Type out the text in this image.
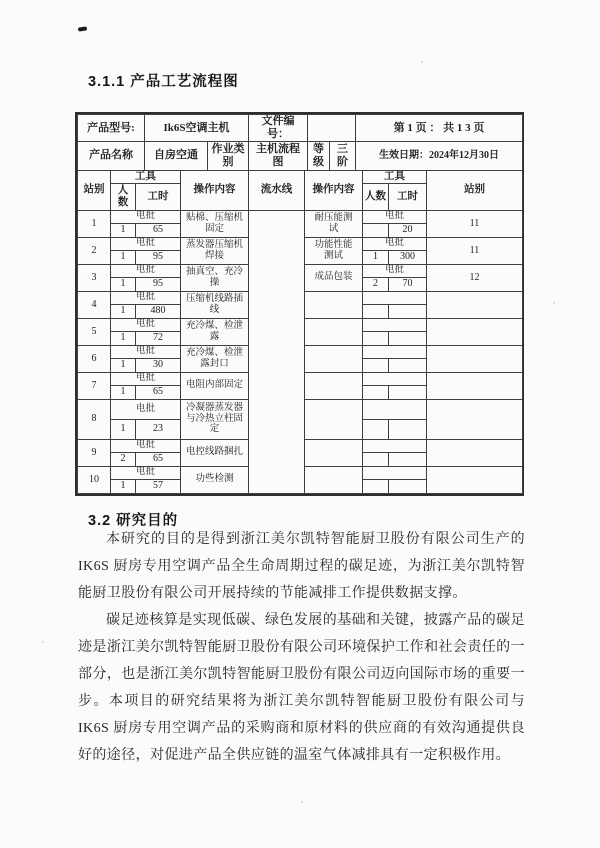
3.1.1 产品工艺流程图
产品型号:	Ik6S空调主机		文件编号：			第 1 页 ： 共 1 3 页
产品名称	自房空通	作业类别	主机流程图	等级	三阶	生效日期：2024年12月30日
站别	工具		操作内容	流水线	操作内容	工具		站别
	人数	工时				人数	工时	
1	电批		贴棉、压缩机固定		耐压能测试	电批		11
	1	65					20	
2	电批		蒸发器压缩机焊接		功能性能测试	电批		11
	1	95				1	300	
3	电批		抽真空、充冷操		成品包装	电批		12
	1	95				2	70	
4	电批		压缩机线路插线					
	1	480						
5	电批		充冷煤、检泄露					
	1	72						
6	电批		充冷煤、检泄露封口					
	1	30						
7	电批		电阻内部固定					
	1	65						
8	电批		冷凝器蒸发器与冷热立柱固定					
	1	23						
9	电批		电控线路捆扎					
	2	65						
10	电批		功些检测					
	1	57						
3.2 研究目的

本研究的目的是得到浙江美尔凯特智能厨卫股份有限公司生产的 IK6S 厨房专用空调产品全生命周期过程的碳足迹，为浙江美尔凯特智能厨卫股份有限公司开展持续的节能减排工作提供数据支撑。

碳足迹核算是实现低碳、绿色发展的基础和关键，披露产品的碳足迹是浙江美尔凯特智能厨卫股份有限公司环境保护工作和社会责任的一部分，也是浙江美尔凯特智能厨卫股份有限公司迈向国际市场的重要一步。本项目的研究结果将为浙江美尔凯特智能厨卫股份有限公司与 IK6S 厨房专用空调产品的采购商和原材料的供应商的有效沟通提供良好的途径，对促进产品全供应链的温室气体减排具有一定积极作用。
